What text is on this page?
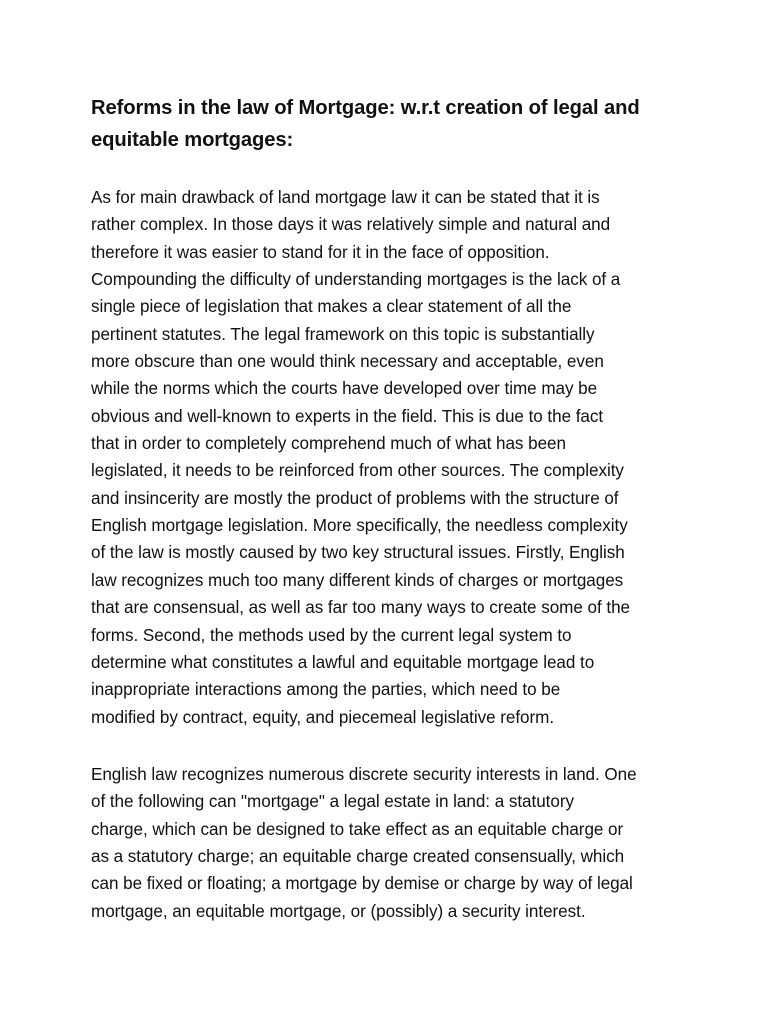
Reforms in the law of Mortgage: w.r.t creation of legal and
equitable mortgages:

As for main drawback of land mortgage law it can be stated that it is
rather complex. In those days it was relatively simple and natural and
therefore it was easier to stand for it in the face of opposition.
Compounding the difficulty of understanding mortgages is the lack of a
single piece of legislation that makes a clear statement of all the
pertinent statutes. The legal framework on this topic is substantially
more obscure than one would think necessary and acceptable, even
while the norms which the courts have developed over time may be
obvious and well-known to experts in the field. This is due to the fact
that in order to completely comprehend much of what has been
legislated, it needs to be reinforced from other sources. The complexity
and insincerity are mostly the product of problems with the structure of
English mortgage legislation. More specifically, the needless complexity
of the law is mostly caused by two key structural issues. Firstly, English
law recognizes much too many different kinds of charges or mortgages
that are consensual, as well as far too many ways to create some of the
forms. Second, the methods used by the current legal system to
determine what constitutes a lawful and equitable mortgage lead to
inappropriate interactions among the parties, which need to be
modified by contract, equity, and piecemeal legislative reform.

English law recognizes numerous discrete security interests in land. One
of the following can "mortgage" a legal estate in land: a statutory
charge, which can be designed to take effect as an equitable charge or
as a statutory charge; an equitable charge created consensually, which
can be fixed or floating; a mortgage by demise or charge by way of legal
mortgage, an equitable mortgage, or (possibly) a security interest.
